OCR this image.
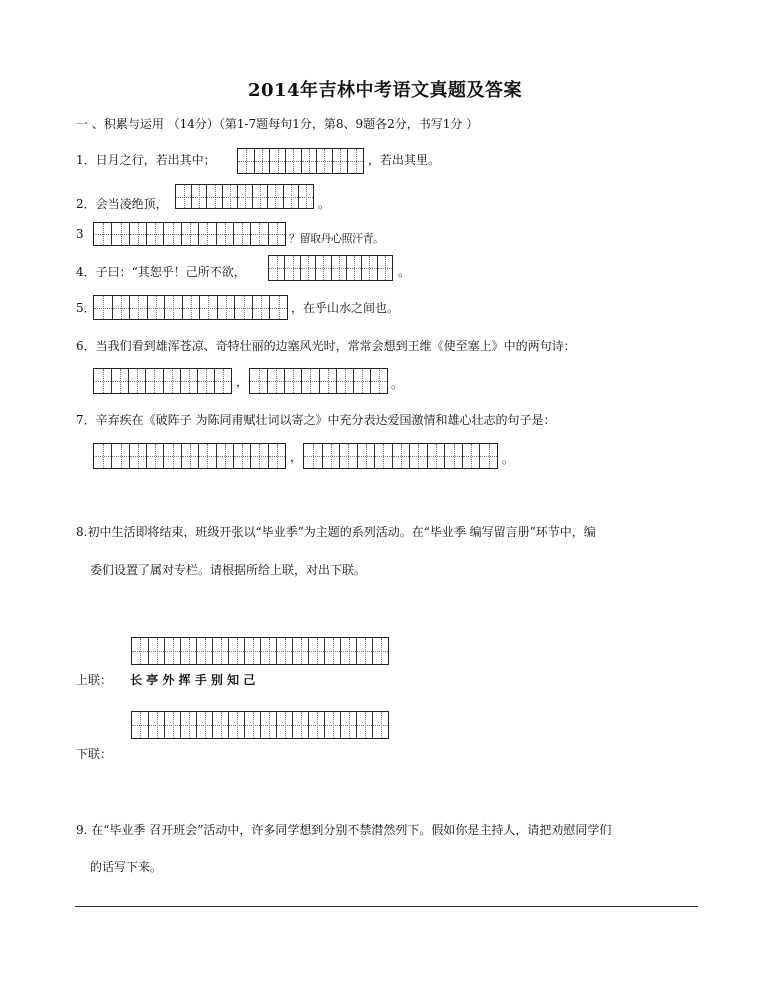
2014年吉林中考语文真题及答案
一 、积累与运用 （14分）（第1-7题每句1分，第8、9题各2分，书写1分 ）
1．日月之行，若出其中；	，若出其里。
2．会当凌绝顶，	。
3	？留取丹心照汗青。
4．子曰：“其恕乎！己所不欲，	。
5．	，在乎山水之间也。
6．当我们看到雄浑苍凉、奇特壮丽的边塞风光时，常常会想到王维《使至塞上》中的两句诗：
，	。
7．辛弃疾在《破阵子 为陈同甫赋壮词以寄之》中充分表达爱国激情和雄心壮志的句子是：
，	。
8.初中生活即将结束，班级开张以“毕业季”为主题的系列活动。在“毕业季 编写留言册”环节中，编
委们设置了属对专栏。请根据所给上联，对出下联。
上联： 长 亭 外 挥 手 别 知 己
下联：
9. 在“毕业季 召开班会”活动中，许多同学想到分别不禁潸然列下。假如你是主持人，请把劝慰同学们
的话写下来。
